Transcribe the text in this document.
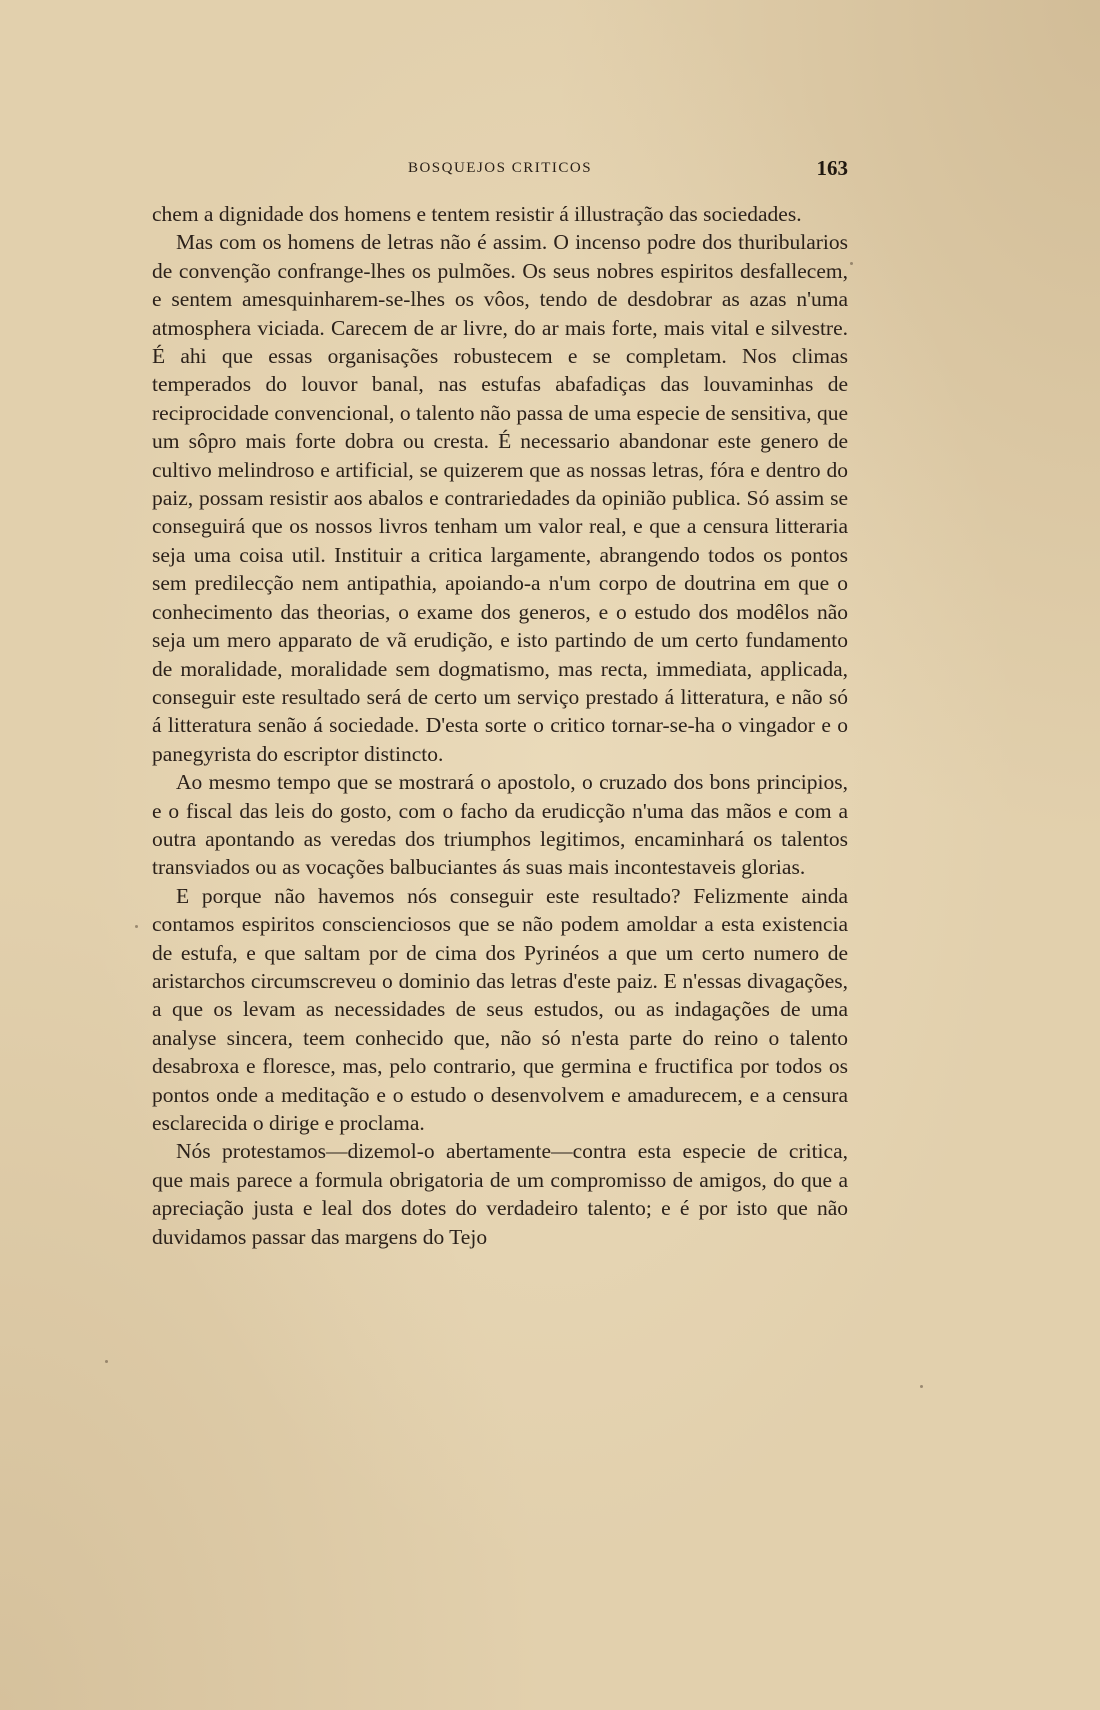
BOSQUEJOS CRITICOS	163

chem a dignidade dos homens e tentem resistir á illustração das sociedades.

Mas com os homens de letras não é assim. O incenso podre dos thuribularios de convenção confrange-lhes os pulmões. Os seus nobres espiritos desfallecem, e sentem amesquinharem-se-lhes os vôos, tendo de desdobrar as azas n'uma atmosphera viciada. Carecem de ar livre, do ar mais forte, mais vital e silvestre. É ahi que essas organisações robustecem e se completam. Nos climas temperados do louvor banal, nas estufas abafadiças das louvaminhas de reciprocidade convencional, o talento não passa de uma especie de sensitiva, que um sôpro mais forte dobra ou cresta. É necessario abandonar este genero de cultivo melindroso e artificial, se quizerem que as nossas letras, fóra e dentro do paiz, possam resistir aos abalos e contrariedades da opinião publica. Só assim se conseguirá que os nossos livros tenham um valor real, e que a censura litteraria seja uma coisa util. Instituir a critica largamente, abrangendo todos os pontos sem predilecção nem antipathia, apoiando-a n'um corpo de doutrina em que o conhecimento das theorias, o exame dos generos, e o estudo dos modêlos não seja um mero apparato de vã erudição, e isto partindo de um certo fundamento de moralidade, moralidade sem dogmatismo, mas recta, immediata, applicada, conseguir este resultado será de certo um serviço prestado á litteratura, e não só á litteratura senão á sociedade. D'esta sorte o critico tornar-se-ha o vingador e o panegyrista do escriptor distincto.

Ao mesmo tempo que se mostrará o apostolo, o cruzado dos bons principios, e o fiscal das leis do gosto, com o facho da erudicção n'uma das mãos e com a outra apontando as veredas dos triumphos legitimos, encaminhará os talentos transviados ou as vocações balbuciantes ás suas mais incontestaveis glorias.

E porque não havemos nós conseguir este resultado? Felizmente ainda contamos espiritos conscienciosos que se não podem amoldar a esta existencia de estufa, e que saltam por de cima dos Pyrinéos a que um certo numero de aristarchos circumscreveu o dominio das letras d'este paiz. E n'essas divagações, a que os levam as necessidades de seus estudos, ou as indagações de uma analyse sincera, teem conhecido que, não só n'esta parte do reino o talento desabroxa e floresce, mas, pelo contrario, que germina e fructifica por todos os pontos onde a meditação e o estudo o desenvolvem e amadurecem, e a censura esclarecida o dirige e proclama.

Nós protestamos—dizemol-o abertamente—contra esta especie de critica, que mais parece a formula obrigatoria de um compromisso de amigos, do que a apreciação justa e leal dos dotes do verdadeiro talento; e é por isto que não duvidamos passar das margens do Tejo
